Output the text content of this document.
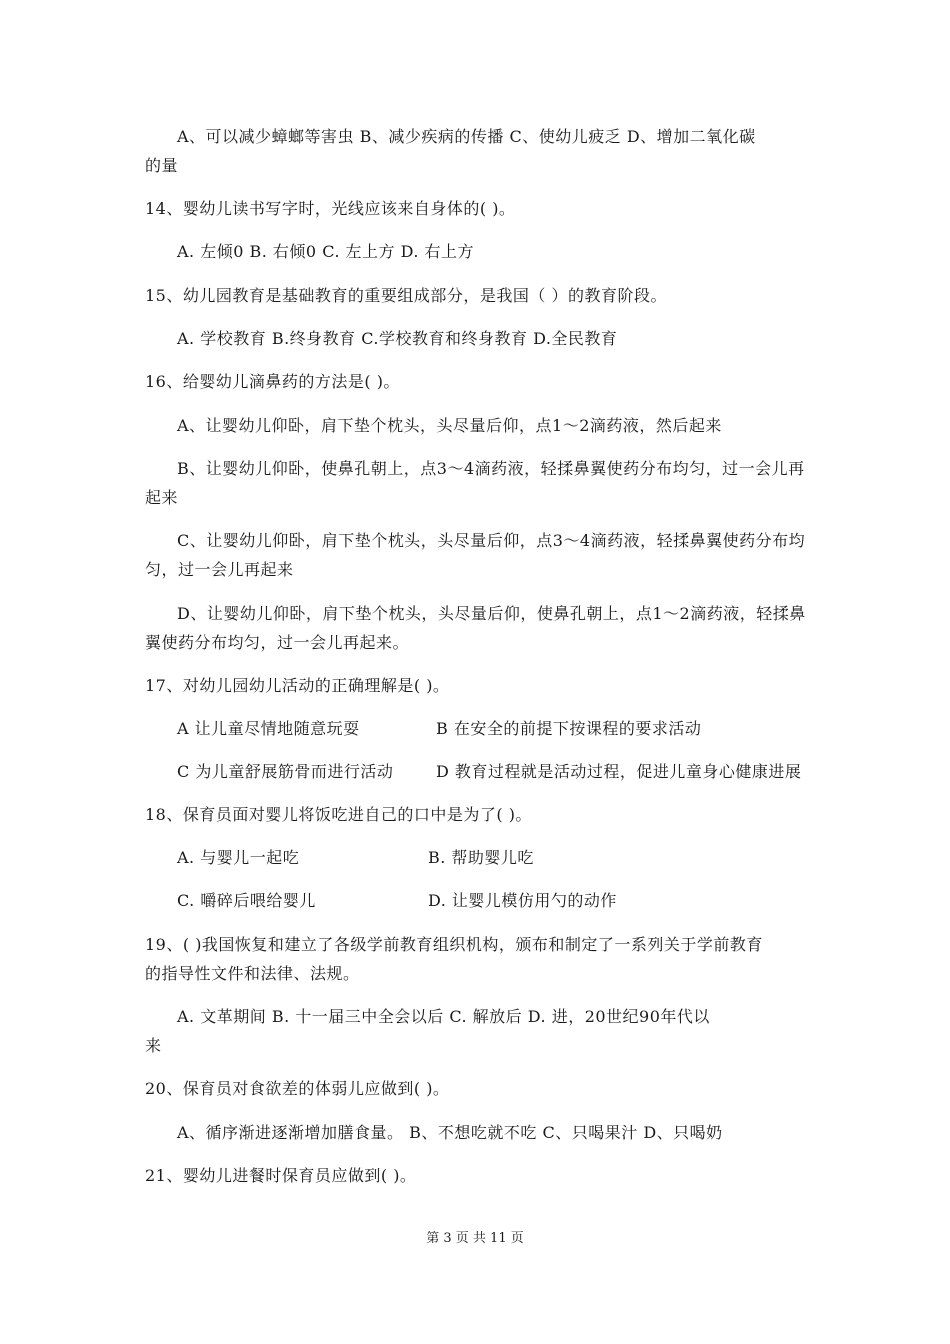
A、可以减少蟑螂等害虫 B、减少疾病的传播 C、使幼儿疲乏 D、增加二氧化碳
的量
14、婴幼儿读书写字时，光线应该来自身体的( )。
A. 左倾0 B. 右倾0 C. 左上方 D. 右上方
15、幼儿园教育是基础教育的重要组成部分，是我国（ ）的教育阶段。
A. 学校教育 B.终身教育 C.学校教育和终身教育 D.全民教育
16、给婴幼儿滴鼻药的方法是( )。
A、让婴幼儿仰卧，肩下垫个枕头，头尽量后仰，点1～2滴药液，然后起来
B、让婴幼儿仰卧，使鼻孔朝上，点3～4滴药液，轻揉鼻翼使药分布均匀，过一会儿再
起来
C、让婴幼儿仰卧，肩下垫个枕头，头尽量后仰，点3～4滴药液，轻揉鼻翼使药分布均
匀，过一会儿再起来
D、让婴幼儿仰卧，肩下垫个枕头，头尽量后仰，使鼻孔朝上，点1～2滴药液，轻揉鼻
翼使药分布均匀，过一会儿再起来。
17、对幼儿园幼儿活动的正确理解是( )。
A 让儿童尽情地随意玩耍	B 在安全的前提下按课程的要求活动
C 为儿童舒展筋骨而进行活动	D 教育过程就是活动过程，促进儿童身心健康进展
18、保育员面对婴儿将饭吃进自己的口中是为了( )。
A. 与婴儿一起吃	B. 帮助婴儿吃
C. 嚼碎后喂给婴儿	D. 让婴儿模仿用勺的动作
19、( )我国恢复和建立了各级学前教育组织机构，颁布和制定了一系列关于学前教育
的指导性文件和法律、法规。
A. 文革期间 B. 十一届三中全会以后 C. 解放后 D. 进，20世纪90年代以
来
20、保育员对食欲差的体弱儿应做到( )。
A、循序渐进逐渐增加膳食量。 B、不想吃就不吃 C、只喝果汁 D、只喝奶
21、婴幼儿进餐时保育员应做到( )。
第 3 页 共 11 页
